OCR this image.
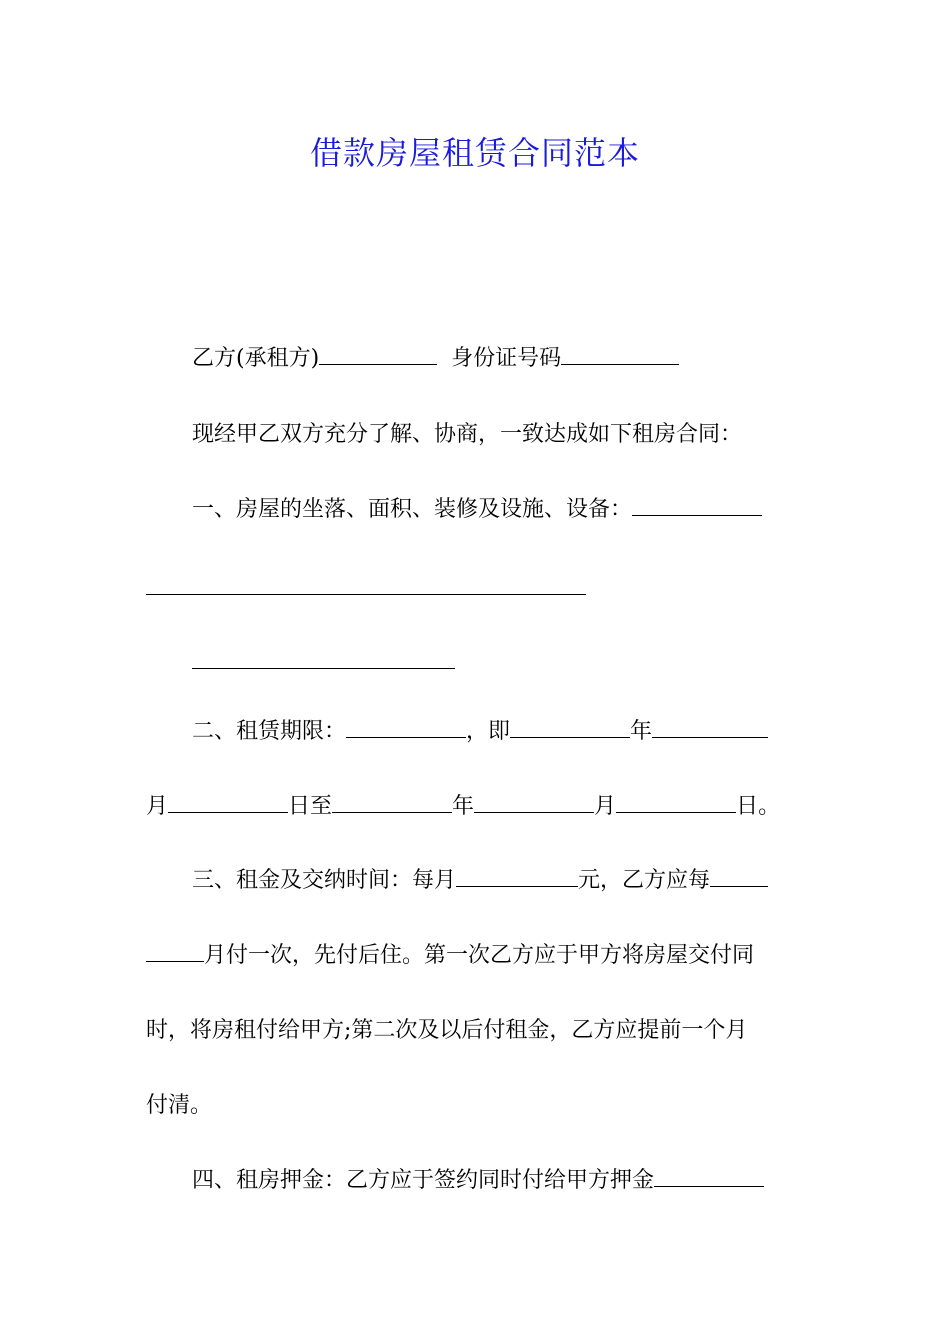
借款房屋租赁合同范本
乙方(承租方)	身份证号码
现经甲乙双方充分了解、协商，一致达成如下租房合同：
一、房屋的坐落、面积、装修及设施、设备：
二、租赁期限：	，即	年
月	日至	年	月	日。
三、租金及交纳时间：每月	元，乙方应每
月付一次，先付后住。第一次乙方应于甲方将房屋交付同
时，将房租付给甲方;第二次及以后付租金，乙方应提前一个月
付清。
四、租房押金：乙方应于签约同时付给甲方押金
